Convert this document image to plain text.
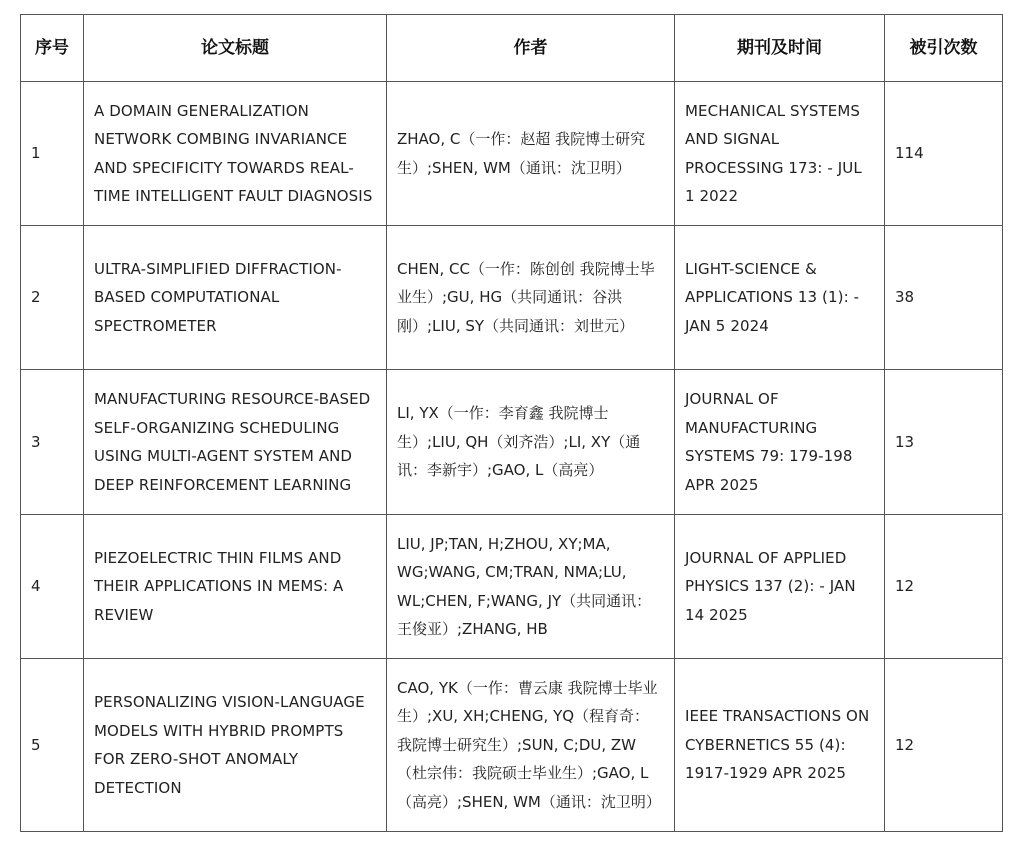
序号	论文标题	作者	期刊及时间	被引次数
1	A DOMAIN GENERALIZATION NETWORK COMBING INVARIANCE AND SPECIFICITY TOWARDS REAL-TIME INTELLIGENT FAULT DIAGNOSIS	ZHAO, C（一作：赵超 我院博士研究生）;SHEN, WM（通讯：沈卫明）	MECHANICAL SYSTEMS AND SIGNAL PROCESSING 173: - JUL 1 2022	114
2	ULTRA-SIMPLIFIED DIFFRACTION-BASED COMPUTATIONAL SPECTROMETER	CHEN, CC（一作：陈创创 我院博士毕业生）;GU, HG（共同通讯：谷洪刚）;LIU, SY（共同通讯：刘世元）	LIGHT-SCIENCE & APPLICATIONS 13 (1): - JAN 5 2024	38
3	MANUFACTURING RESOURCE-BASED SELF-ORGANIZING SCHEDULING USING MULTI-AGENT SYSTEM AND DEEP REINFORCEMENT LEARNING	LI, YX（一作：李育鑫 我院博士生）;LIU, QH（刘齐浩）;LI, XY（通讯：李新宇）;GAO, L（高亮）	JOURNAL OF MANUFACTURING SYSTEMS 79: 179-198 APR 2025	13
4	PIEZOELECTRIC THIN FILMS AND THEIR APPLICATIONS IN MEMS: A REVIEW	LIU, JP;TAN, H;ZHOU, XY;MA, WG;WANG, CM;TRAN, NMA;LU, WL;CHEN, F;WANG, JY（共同通讯：王俊亚）;ZHANG, HB	JOURNAL OF APPLIED PHYSICS 137 (2): - JAN 14 2025	12
5	PERSONALIZING VISION-LANGUAGE MODELS WITH HYBRID PROMPTS FOR ZERO-SHOT ANOMALY DETECTION	CAO, YK（一作：曹云康 我院博士毕业生）;XU, XH;CHENG, YQ（程育奇：我院博士研究生）;SUN, C;DU, ZW（杜宗伟：我院硕士毕业生）;GAO, L（高亮）;SHEN, WM（通讯：沈卫明）	IEEE TRANSACTIONS ON CYBERNETICS 55 (4): 1917-1929 APR 2025	12
